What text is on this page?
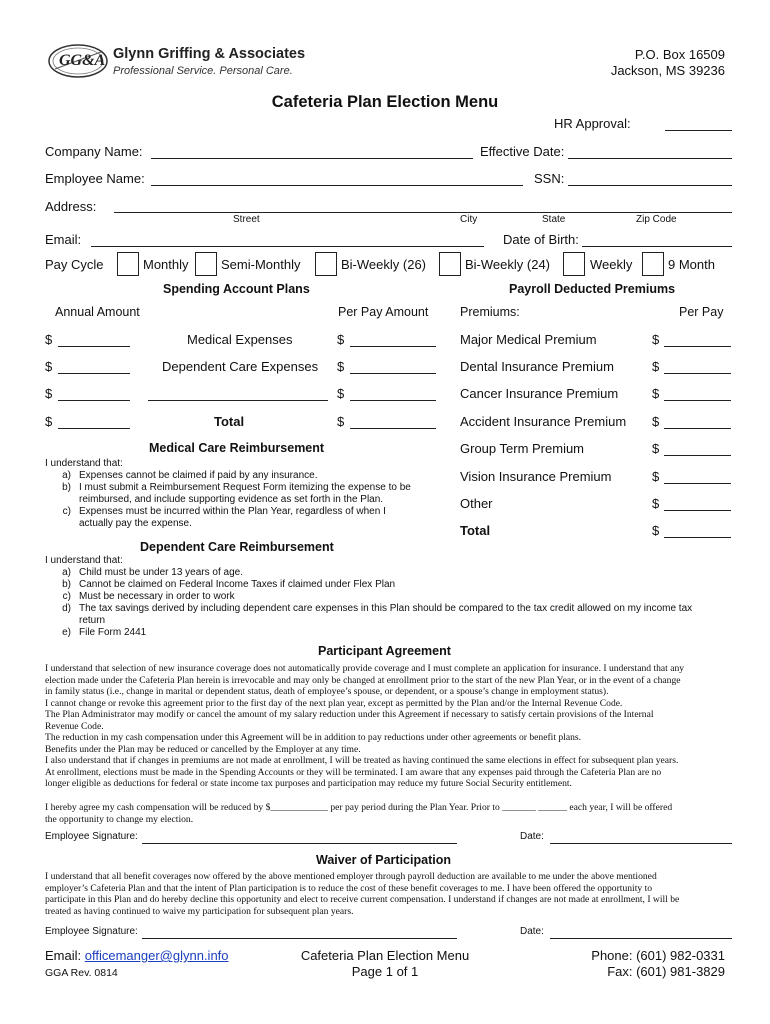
GG&A Glynn Griffing & Associates
Professional Service. Personal Care.
P.O. Box 16509
Jackson, MS 39236
Cafeteria Plan Election Menu
HR Approval:
Company Name:	Effective Date:
Employee Name:	SSN:
Address:
Street	City	State	Zip Code
Email:	Date of Birth:
Pay Cycle	Monthly Semi-Monthly	Bi-Weekly (26)	Bi-Weekly (24)	Weekly	9 Month
Spending Account Plans
Annual Amount	Per Pay Amount
$	Medical Expenses	$
$	Dependent Care Expenses $
$	$
$	Total	$
Payroll Deducted Premiums
Premiums:	Per Pay
Major Medical Premium	$
Dental Insurance Premium	$
Cancer Insurance Premium	$
Accident Insurance Premium $
Group Term Premium	$
Vision Insurance Premium	$
Other	$
Total	$
Medical Care Reimbursement
I understand that:
a) Expenses cannot be claimed if paid by any insurance.
b) I must submit a Reimbursement Request Form itemizing the expense to be
reimbursed, and include supporting evidence as set forth in the Plan.
c) Expenses must be incurred within the Plan Year, regardless of when I
actually pay the expense.
Dependent Care Reimbursement
I understand that:
a) Child must be under 13 years of age.
b) Cannot be claimed on Federal Income Taxes if claimed under Flex Plan
c) Must be necessary in order to work
d) The tax savings derived by including dependent care expenses in this Plan should be compared to the tax credit allowed on my income tax
return
e) File Form 2441
Participant Agreement
I understand that selection of new insurance coverage does not automatically provide coverage and I must complete an application for insurance. I understand that any
election made under the Cafeteria Plan herein is irrevocable and may only be changed at enrollment prior to the start of the new Plan Year, or in the event of a change
in family status (i.e., change in marital or dependent status, death of employee’s spouse, or dependent, or a spouse’s change in employment status).
I cannot change or revoke this agreement prior to the first day of the next plan year, except as permitted by the Plan and/or the Internal Revenue Code.
The Plan Administrator may modify or cancel the amount of my salary reduction under this Agreement if necessary to satisfy certain provisions of the Internal
Revenue Code.
The reduction in my cash compensation under this Agreement will be in addition to pay reductions under other agreements or benefit plans.
Benefits under the Plan may be reduced or cancelled by the Employer at any time.
I also understand that if changes in premiums are not made at enrollment, I will be treated as having continued the same elections in effect for subsequent plan years.
At enrollment, elections must be made in the Spending Accounts or they will be terminated. I am aware that any expenses paid through the Cafeteria Plan are no
longer eligible as deductions for federal or state income tax purposes and participation may reduce my future Social Security entitlement.
I hereby agree my cash compensation will be reduced by $____________ per pay period during the Plan Year. Prior to _______ ______ each year, I will be offered
the opportunity to change my election.
Employee Signature:	Date:
Waiver of Participation
I understand that all benefit coverages now offered by the above mentioned employer through payroll deduction are available to me under the above mentioned
employer’s Cafeteria Plan and that the intent of Plan participation is to reduce the cost of these benefit coverages to me. I have been offered the opportunity to
participate in this Plan and do hereby decline this opportunity and elect to receive current compensation. I understand if changes are not made at enrollment, I will be
treated as having continued to waive my participation for subsequent plan years.
Employee Signature:	Date:
Email: officemanger@glynn.info
GGA Rev. 0814
Cafeteria Plan Election Menu
Page 1 of 1
Phone: (601) 982-0331
Fax: (601) 981-3829
